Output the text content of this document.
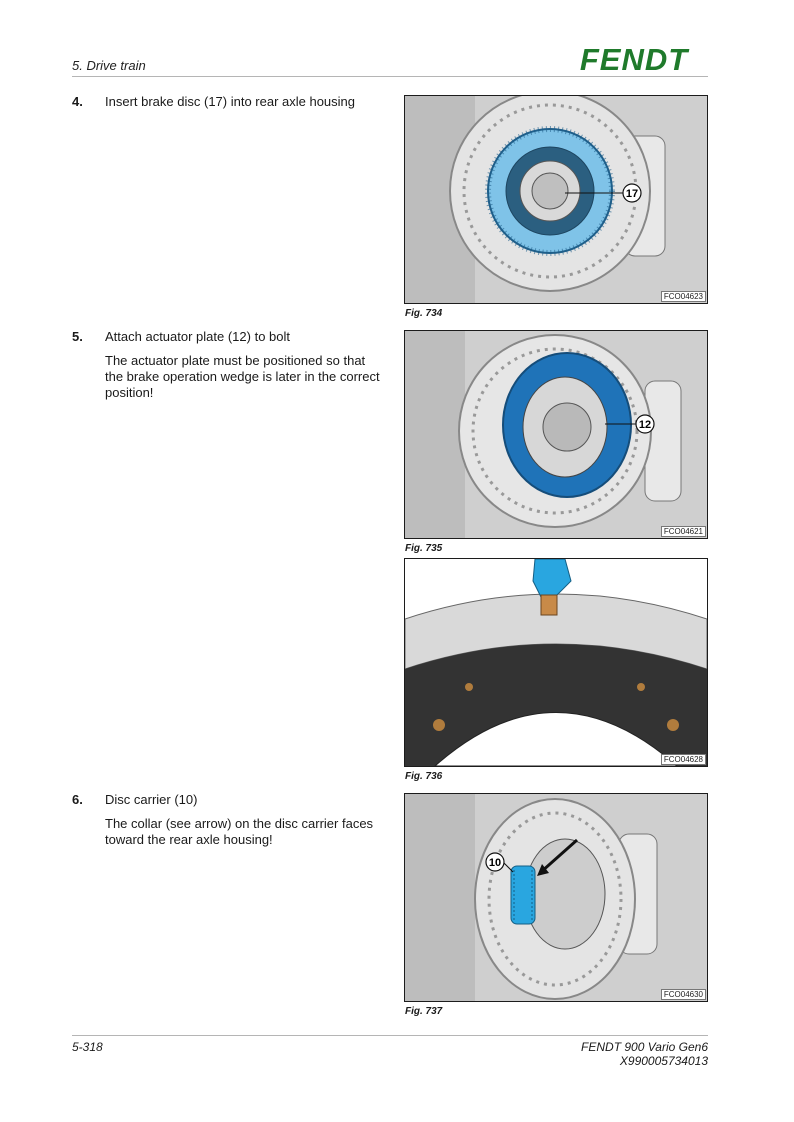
5. Drive train	FENDT
4. Insert brake disc (17) into rear axle housing

5. Attach actuator plate (12) to bolt

The actuator plate must be positioned so that the brake operation wedge is later in the correct position!

6. Disc carrier (10)

The collar (see arrow) on the disc carrier faces toward the rear axle housing!

17
FCO04623
Fig. 734
12
FCO04621
Fig. 735
FCO04628
Fig. 736
10
FCO04630
Fig. 737
5-318	FENDT 900 Vario Gen6
X990005734013
